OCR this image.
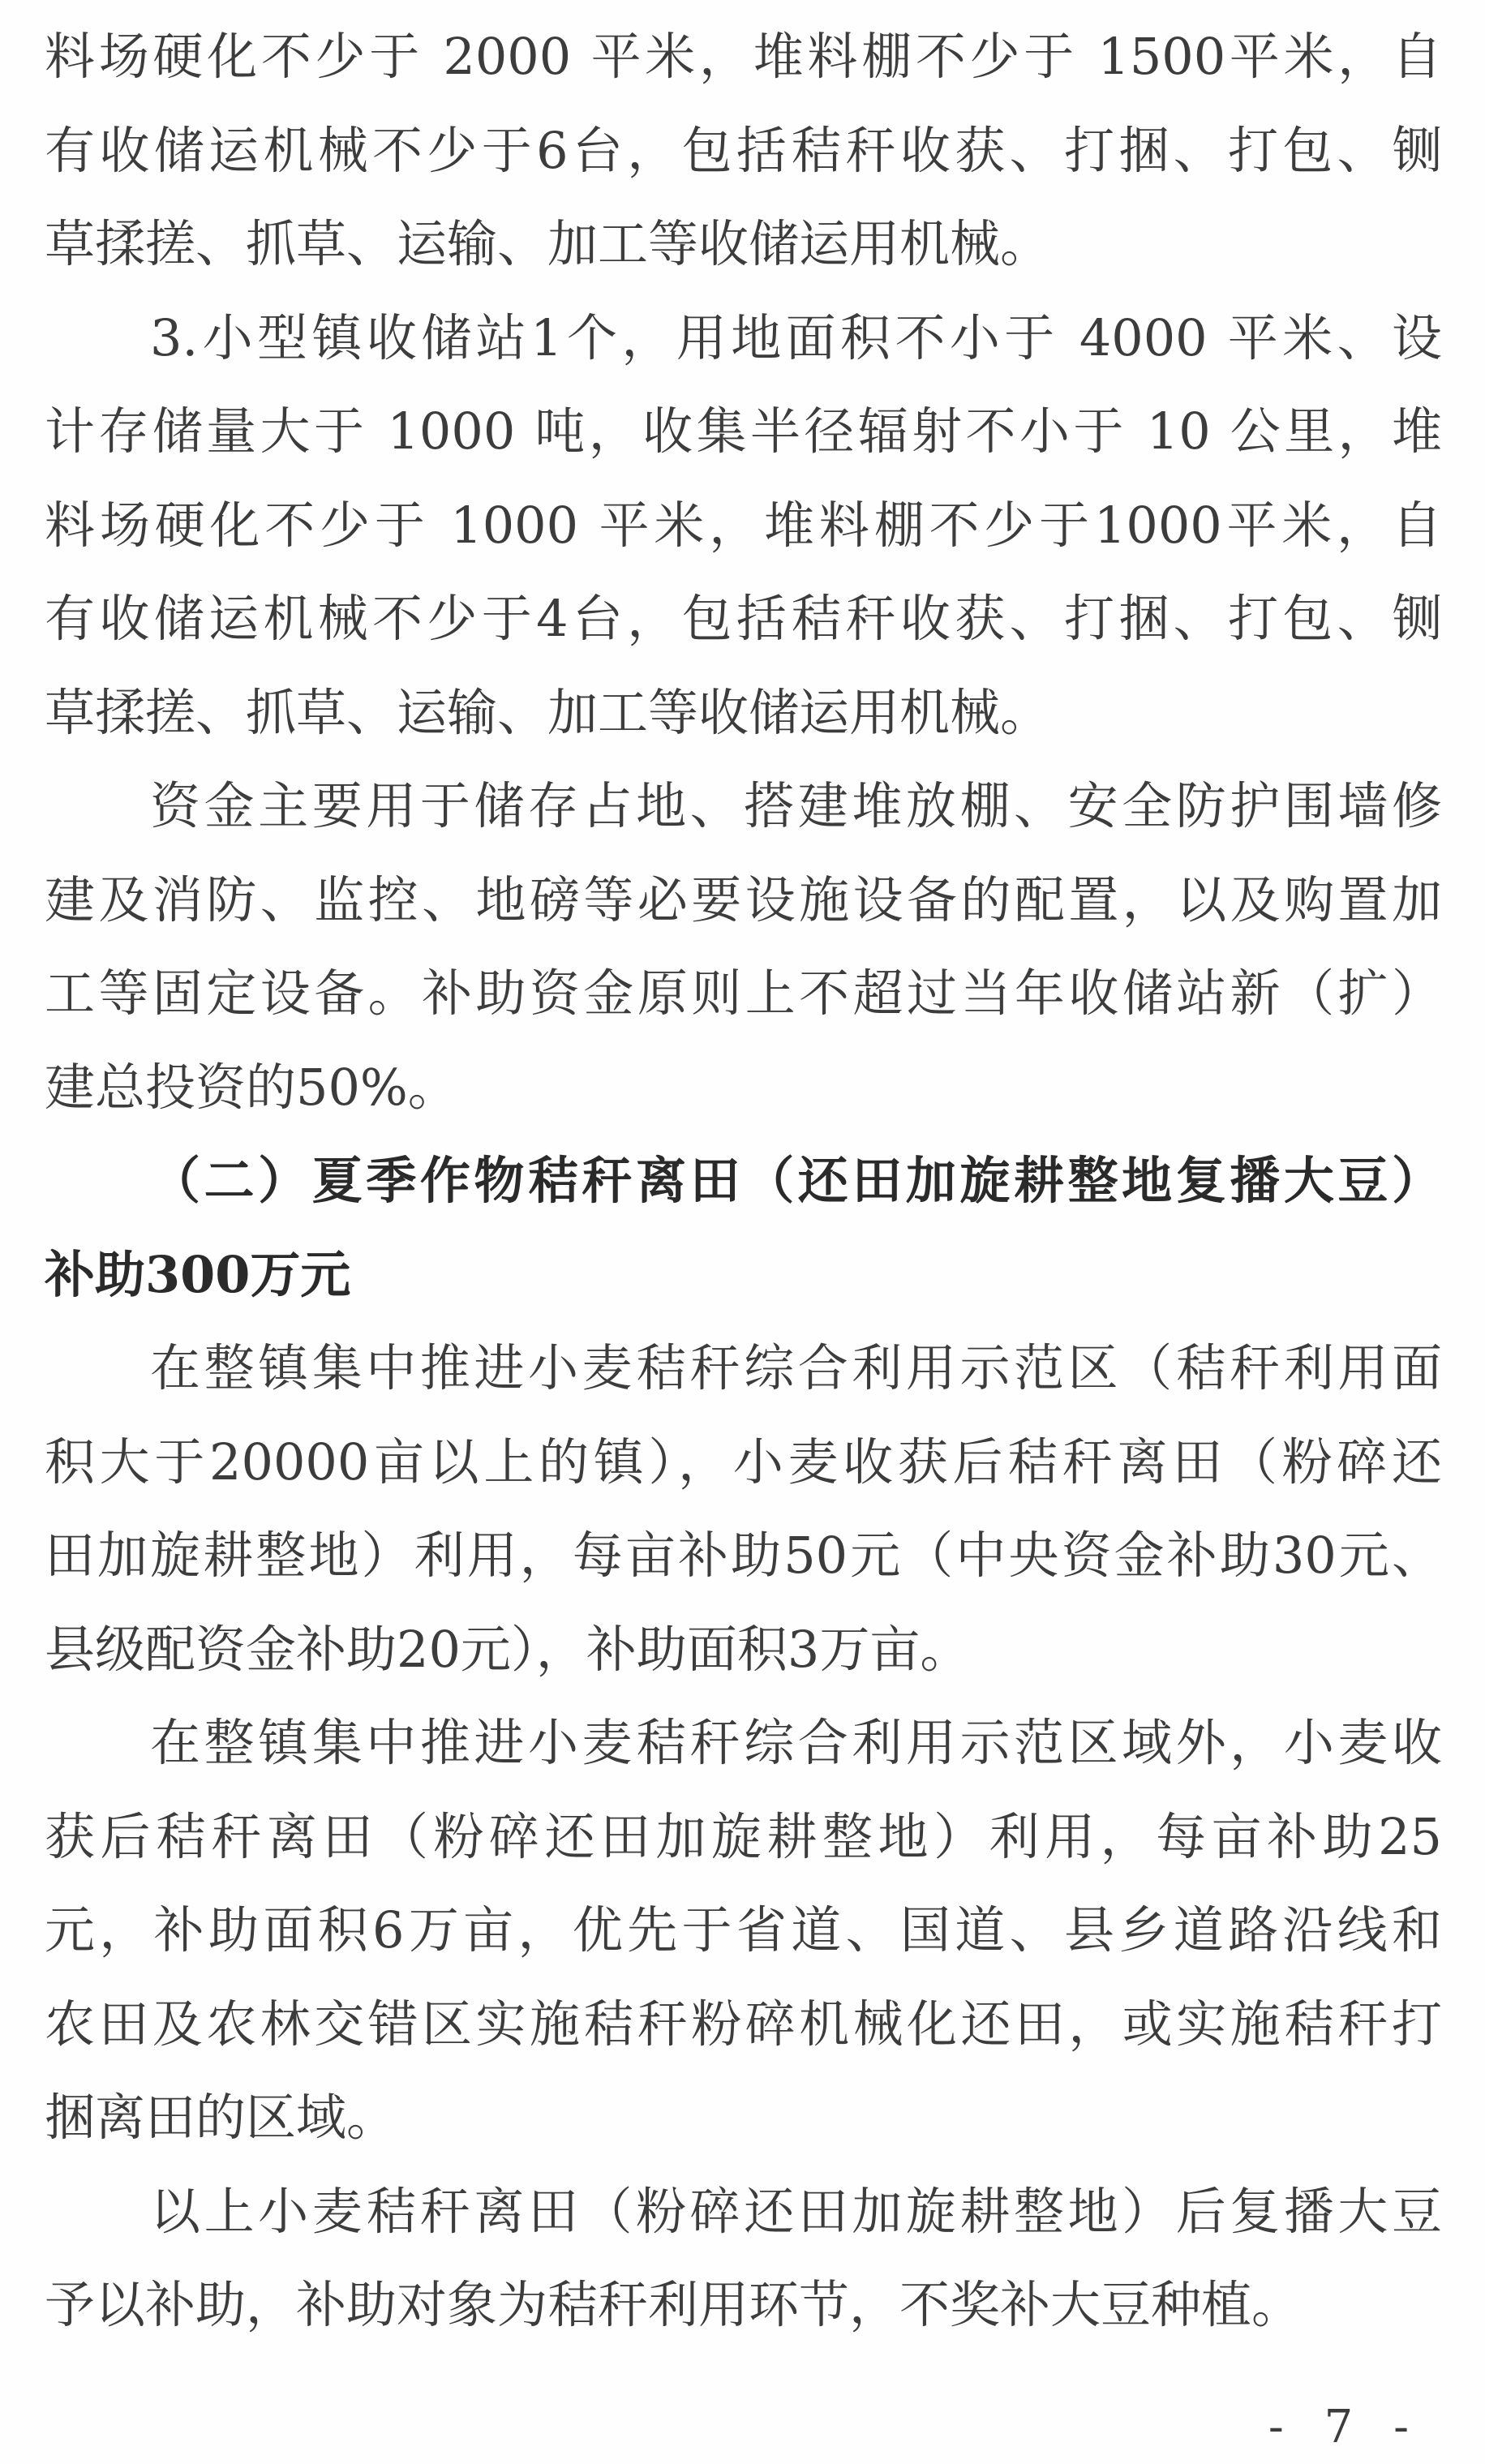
料场硬化不少于 2000 平米，堆料棚不少于 1500平米，自
有收储运机械不少于6台，包括秸秆收获、打捆、打包、铡
草揉搓、抓草、运输、加工等收储运用机械。
3.小型镇收储站1个，用地面积不小于 4000 平米、设
计存储量大于 1000 吨，收集半径辐射不小于 10 公里，堆
料场硬化不少于 1000 平米，堆料棚不少于1000平米，自
有收储运机械不少于4台，包括秸秆收获、打捆、打包、铡
草揉搓、抓草、运输、加工等收储运用机械。
资金主要用于储存占地、搭建堆放棚、安全防护围墙修
建及消防、监控、地磅等必要设施设备的配置，以及购置加
工等固定设备。补助资金原则上不超过当年收储站新（扩）
建总投资的50%。
（二）夏季作物秸秆离田（还田加旋耕整地复播大豆）
补助300万元
在整镇集中推进小麦秸秆综合利用示范区（秸秆利用面
积大于20000亩以上的镇），小麦收获后秸秆离田（粉碎还
田加旋耕整地）利用，每亩补助50元（中央资金补助30元、
县级配资金补助20元），补助面积3万亩。
在整镇集中推进小麦秸秆综合利用示范区域外，小麦收
获后秸秆离田（粉碎还田加旋耕整地）利用，每亩补助25
元，补助面积6万亩，优先于省道、国道、县乡道路沿线和
农田及农林交错区实施秸秆粉碎机械化还田，或实施秸秆打
捆离田的区域。
以上小麦秸秆离田（粉碎还田加旋耕整地）后复播大豆
予以补助，补助对象为秸秆利用环节，不奖补大豆种植。
- 7 -
